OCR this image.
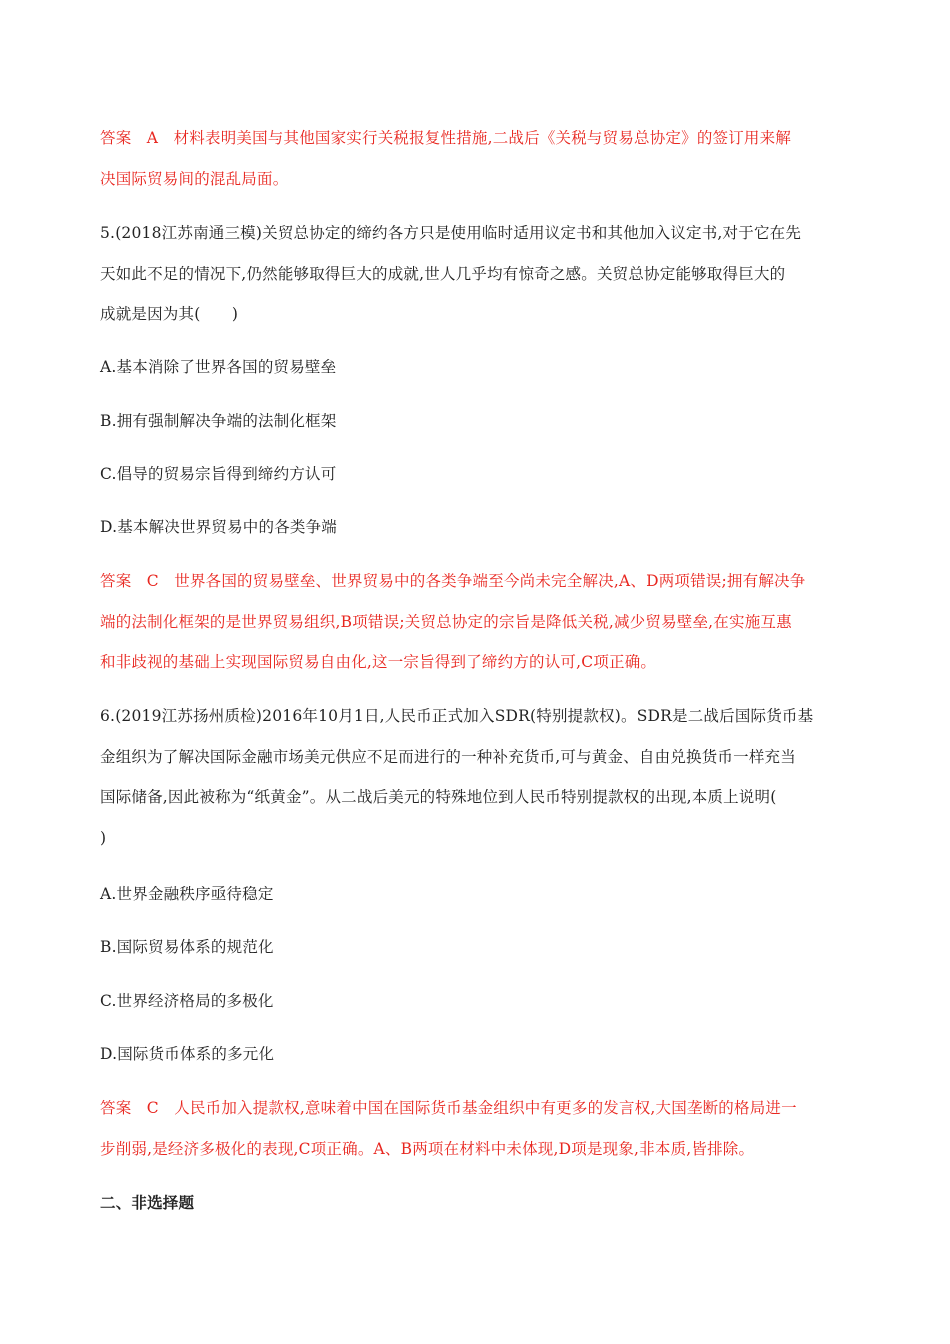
答案 A 材料表明美国与其他国家实行关税报复性措施,二战后《关税与贸易总协定》的签订用来解
决国际贸易间的混乱局面。
5.(2018江苏南通三模)关贸总协定的缔约各方只是使用临时适用议定书和其他加入议定书,对于它在先
天如此不足的情况下,仍然能够取得巨大的成就,世人几乎均有惊奇之感。关贸总协定能够取得巨大的
成就是因为其(　　)
A.基本消除了世界各国的贸易壁垒
B.拥有强制解决争端的法制化框架
C.倡导的贸易宗旨得到缔约方认可
D.基本解决世界贸易中的各类争端
答案 C 世界各国的贸易壁垒、世界贸易中的各类争端至今尚未完全解决,A、D两项错误;拥有解决争
端的法制化框架的是世界贸易组织,B项错误;关贸总协定的宗旨是降低关税,减少贸易壁垒,在实施互惠
和非歧视的基础上实现国际贸易自由化,这一宗旨得到了缔约方的认可,C项正确。
6.(2019江苏扬州质检)2016年10月1日,人民币正式加入SDR(特别提款权)。SDR是二战后国际货币基
金组织为了解决国际金融市场美元供应不足而进行的一种补充货币,可与黄金、自由兑换货币一样充当
国际储备,因此被称为“纸黄金”。从二战后美元的特殊地位到人民币特别提款权的出现,本质上说明(
)
A.世界金融秩序亟待稳定
B.国际贸易体系的规范化
C.世界经济格局的多极化
D.国际货币体系的多元化
答案 C 人民币加入提款权,意味着中国在国际货币基金组织中有更多的发言权,大国垄断的格局进一
步削弱,是经济多极化的表现,C项正确。A、B两项在材料中未体现,D项是现象,非本质,皆排除。
二、非选择题
